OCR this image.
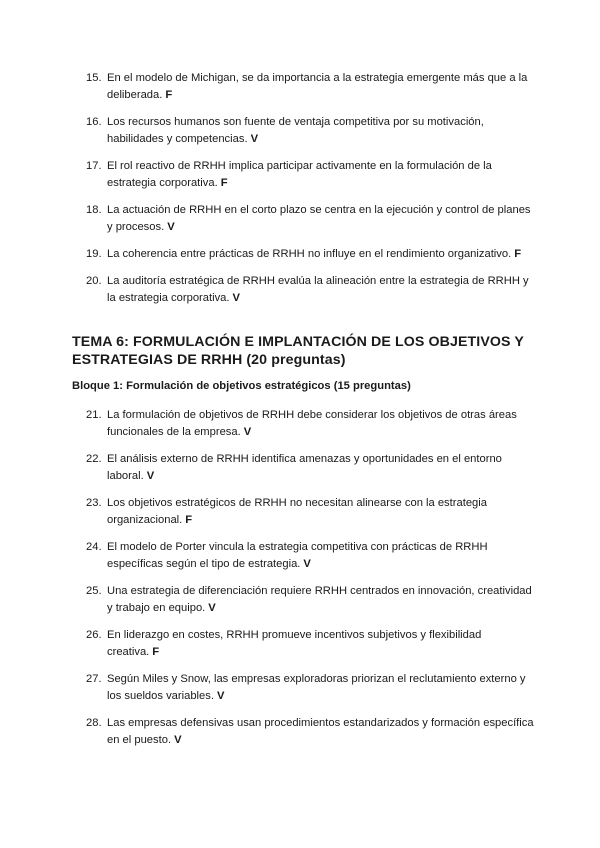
15. En el modelo de Michigan, se da importancia a la estrategia emergente más que a la deliberada. F
16. Los recursos humanos son fuente de ventaja competitiva por su motivación, habilidades y competencias. V
17. El rol reactivo de RRHH implica participar activamente en la formulación de la estrategia corporativa. F
18. La actuación de RRHH en el corto plazo se centra en la ejecución y control de planes y procesos. V
19. La coherencia entre prácticas de RRHH no influye en el rendimiento organizativo. F
20. La auditoría estratégica de RRHH evalúa la alineación entre la estrategia de RRHH y la estrategia corporativa. V
TEMA 6: FORMULACIÓN E IMPLANTACIÓN DE LOS OBJETIVOS Y ESTRATEGIAS DE RRHH (20 preguntas)
Bloque 1: Formulación de objetivos estratégicos (15 preguntas)
21. La formulación de objetivos de RRHH debe considerar los objetivos de otras áreas funcionales de la empresa. V
22. El análisis externo de RRHH identifica amenazas y oportunidades en el entorno laboral. V
23. Los objetivos estratégicos de RRHH no necesitan alinearse con la estrategia organizacional. F
24. El modelo de Porter vincula la estrategia competitiva con prácticas de RRHH específicas según el tipo de estrategia. V
25. Una estrategia de diferenciación requiere RRHH centrados en innovación, creatividad y trabajo en equipo. V
26. En liderazgo en costes, RRHH promueve incentivos subjetivos y flexibilidad creativa. F
27. Según Miles y Snow, las empresas exploradoras priorizan el reclutamiento externo y los sueldos variables. V
28. Las empresas defensivas usan procedimientos estandarizados y formación específica en el puesto. V
